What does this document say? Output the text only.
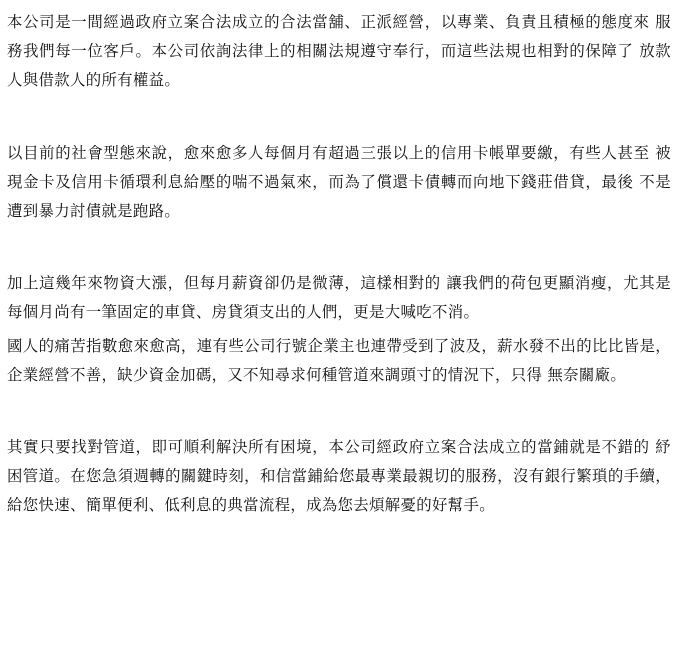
本公司是一間經過政府立案合法成立的合法當舖、正派經營，以專業、負責且積極的態度來 服務我們每一位客戶。本公司依詢法律上的相關法規遵守奉行，而這些法規也相對的保障了 放款人與借款人的所有權益。

以目前的社會型態來說，愈來愈多人每個月有超過三張以上的信用卡帳單要繳，有些人甚至 被現金卡及信用卡循環利息給壓的喘不過氣來，而為了償還卡債轉而向地下錢莊借貸，最後 不是遭到暴力討債就是跑路。

加上這幾年來物資大漲，但每月薪資卻仍是微薄，這樣相對的 讓我們的荷包更顯消瘦，尤其是每個月尚有一筆固定的車貸、房貸須支出的人們，更是大喊吃不消。

國人的痛苦指數愈來愈高，連有些公司行號企業主也連帶受到了波及，薪水發不出的比比皆是，企業經營不善，缺少資金加碼，又不知尋求何種管道來調頭寸的情況下，只得 無奈關廠。

其實只要找對管道，即可順利解決所有困境，本公司經政府立案合法成立的當鋪就是不錯的 紓困管道。在您急須週轉的關鍵時刻，和信當鋪給您最專業最親切的服務，沒有銀行繁瑣的手續，給您快速、簡單便利、低利息的典當流程，成為您去煩解憂的好幫手。
